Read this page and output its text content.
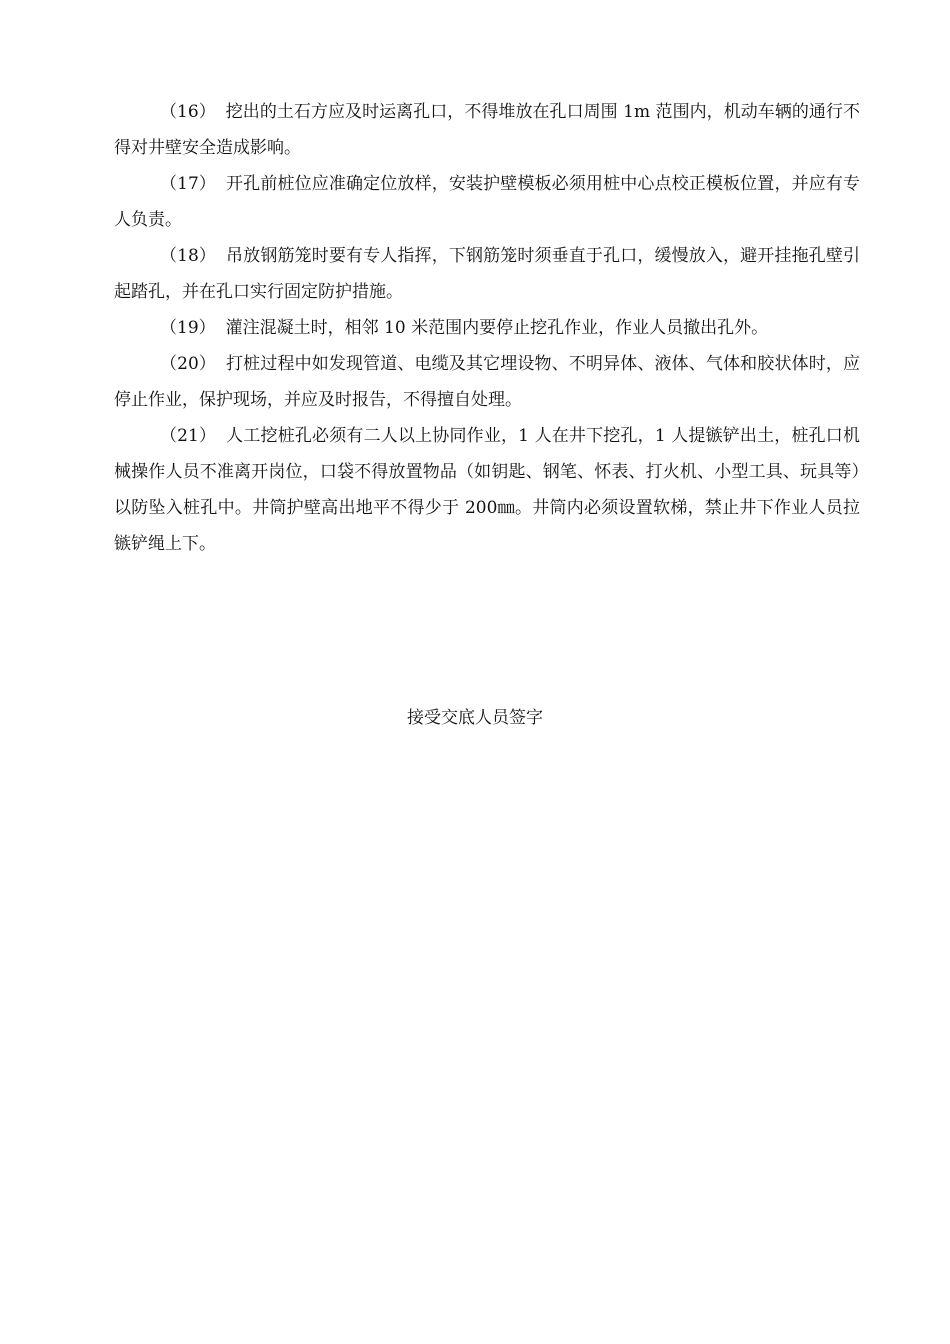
（16） 挖出的土石方应及时运离孔口，不得堆放在孔口周围 1m 范围内，机动车辆的通行不得对井壁安全造成影响。

（17） 开孔前桩位应准确定位放样，安装护壁模板必须用桩中心点校正模板位置，并应有专人负责。

（18） 吊放钢筋笼时要有专人指挥，下钢筋笼时须垂直于孔口，缓慢放入，避开挂拖孔壁引起踏孔，并在孔口实行固定防护措施。

（19） 灌注混凝土时，相邻 10 米范围内要停止挖孔作业，作业人员撤出孔外。

（20） 打桩过程中如发现管道、电缆及其它埋设物、不明异体、液体、气体和胶状体时，应停止作业，保护现场，并应及时报告，不得擅自处理。

（21） 人工挖桩孔必须有二人以上协同作业，1 人在井下挖孔，1 人提镞铲出土，桩孔口机械操作人员不准离开岗位，口袋不得放置物品（如钥匙、钢笔、怀表、打火机、小型工具、玩具等）以防坠入桩孔中。井筒护壁高出地平不得少于 200㎜。井筒内必须设置软梯，禁止井下作业人员拉镞铲绳上下。

接受交底人员签字
